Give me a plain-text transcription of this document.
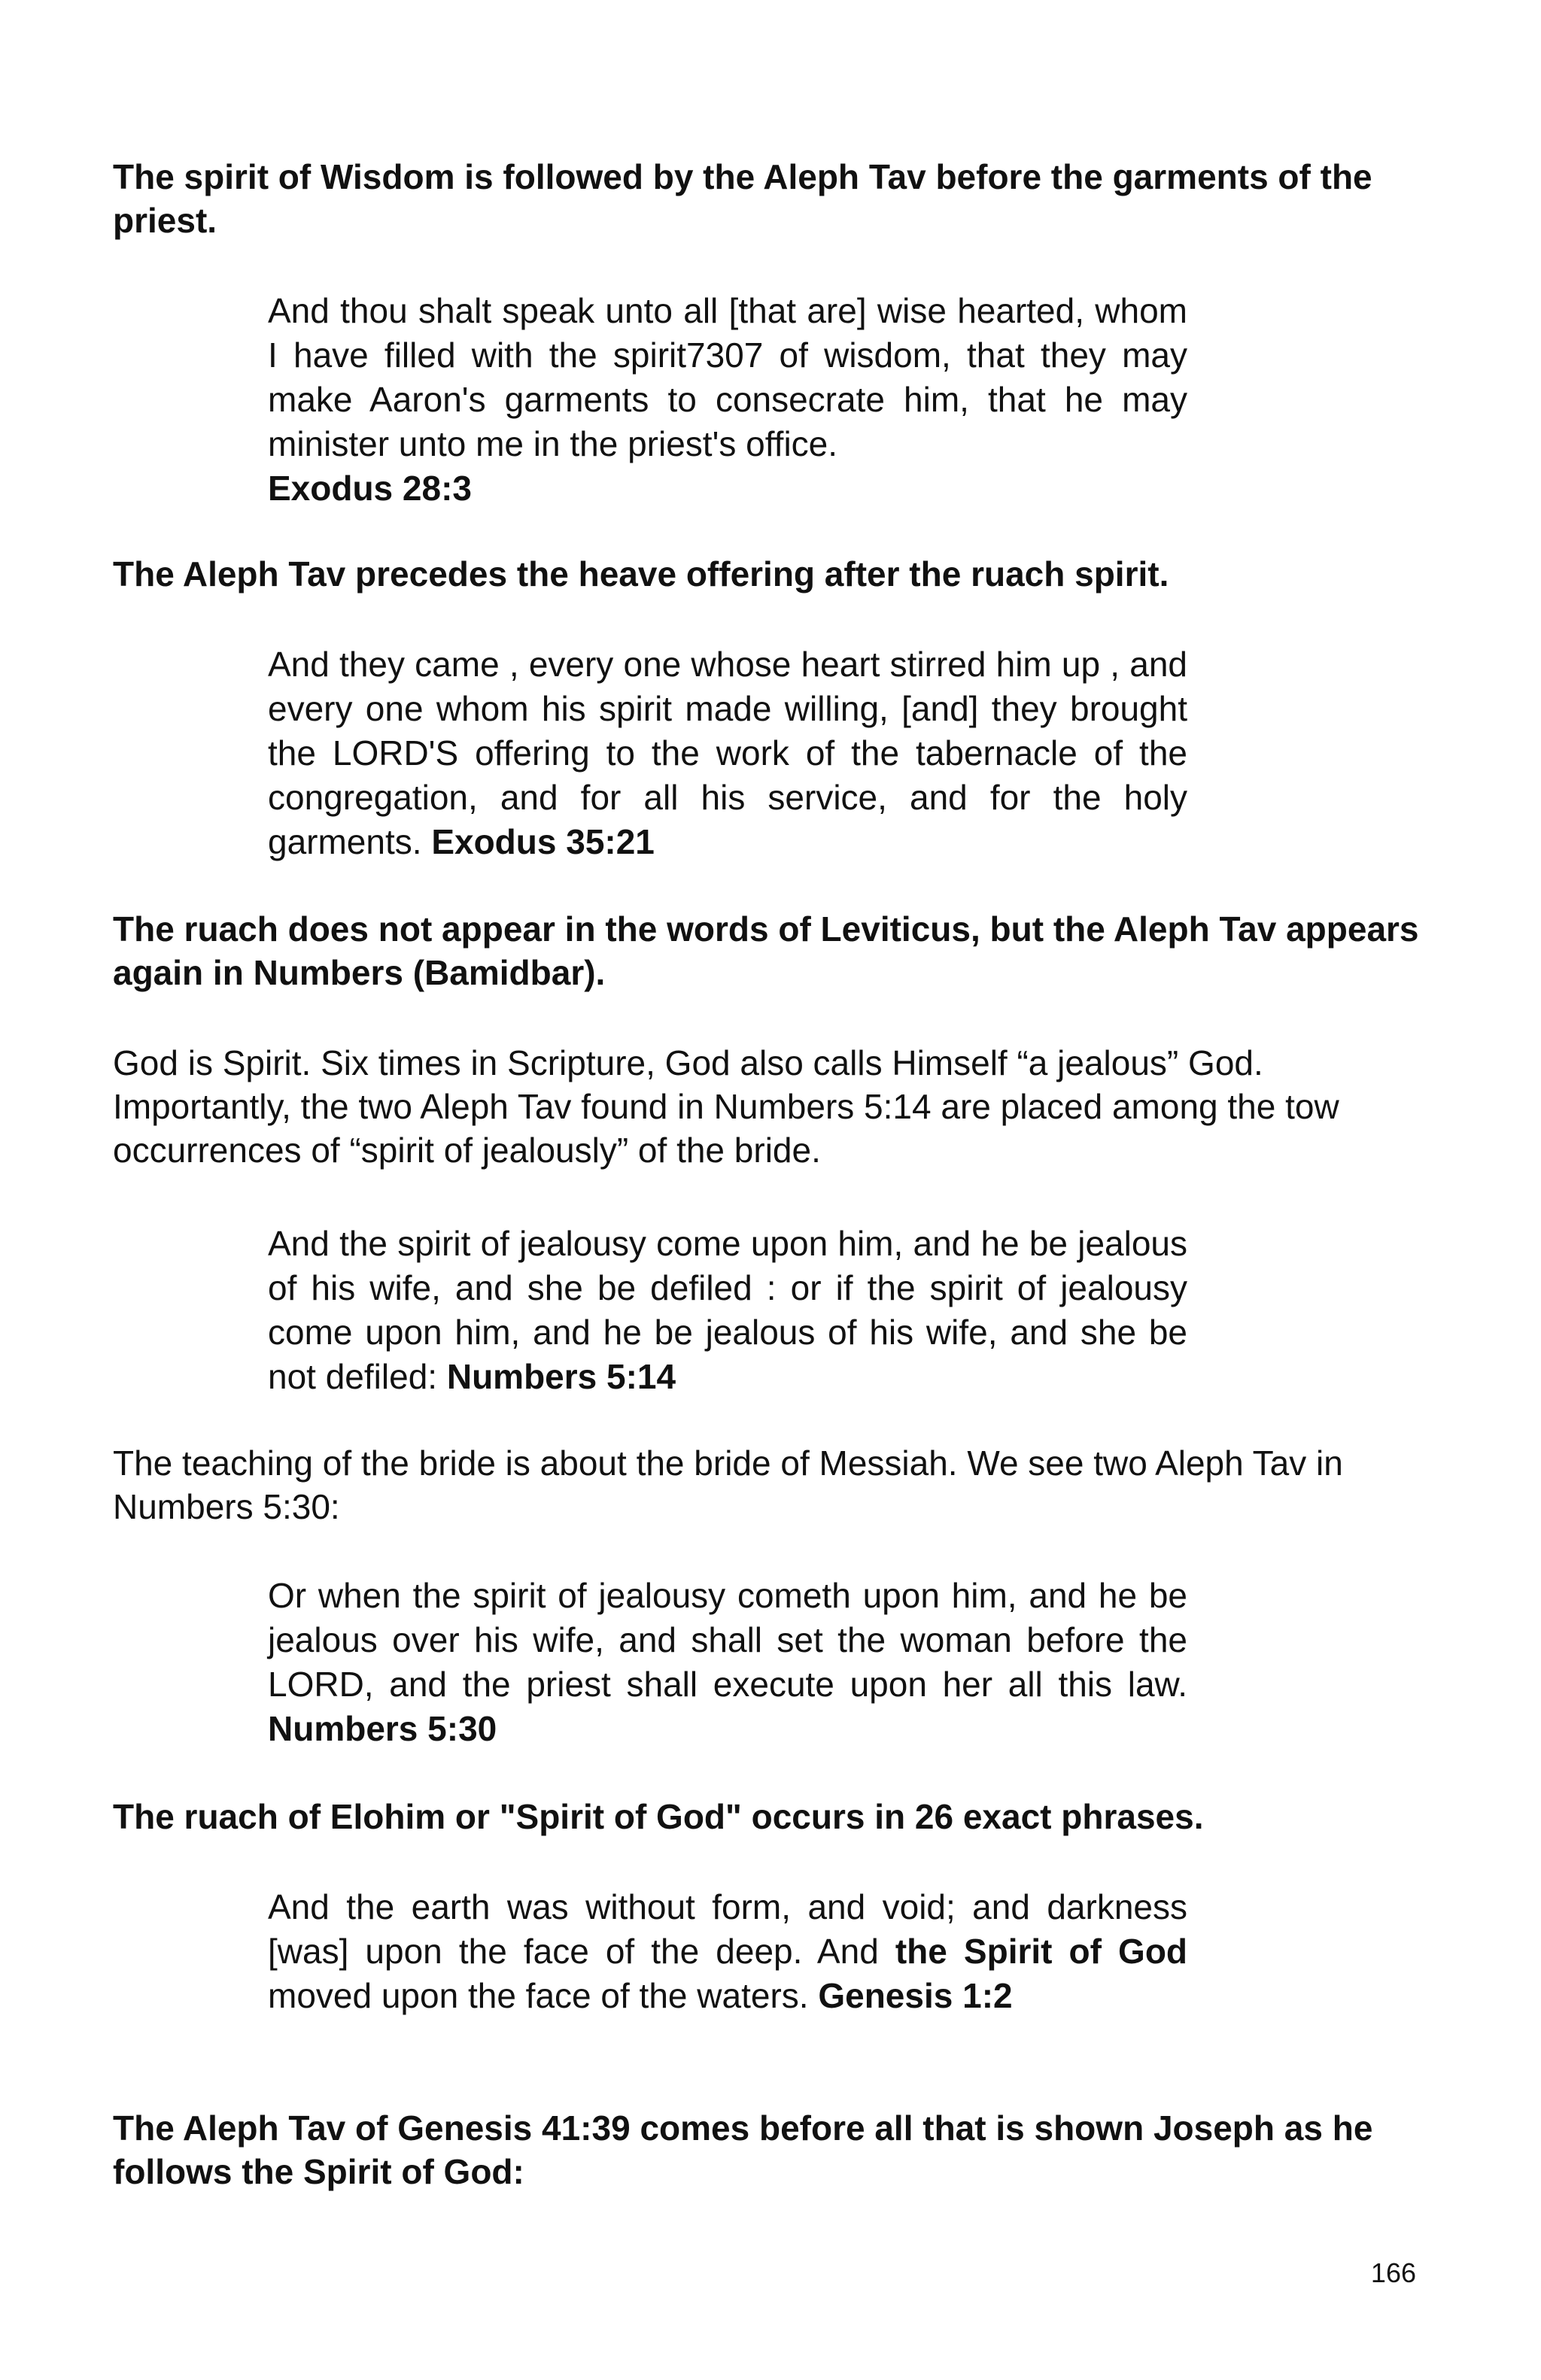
The spirit of Wisdom is followed by the Aleph Tav before the garments of the priest.

And thou shalt speak unto all [that are] wise hearted, whom I have filled with the spirit7307 of wisdom, that they may make Aaron's garments to consecrate him, that he may minister unto me in the priest's office.
Exodus 28:3

The Aleph Tav precedes the heave offering after the ruach spirit.

And they came , every one whose heart stirred him up , and every one whom his spirit made willing, [and] they brought the LORD'S offering to the work of the tabernacle of the congregation, and for all his service, and for the holy garments. Exodus 35:21

The ruach does not appear in the words of Leviticus, but the Aleph Tav appears again in Numbers (Bamidbar).

God is Spirit. Six times in Scripture, God also calls Himself “a jealous” God. Importantly, the two Aleph Tav found in Numbers 5:14 are placed among the tow occurrences of “spirit of jealously” of the bride.

And the spirit of jealousy come upon him, and he be jealous of his wife, and she be defiled : or if the spirit of jealousy come upon him, and he be jealous of his wife, and she be not defiled: Numbers 5:14

The teaching of the bride is about the bride of Messiah. We see two Aleph Tav in Numbers 5:30:

Or when the spirit of jealousy cometh upon him, and he be jealous over his wife, and shall set the woman before the LORD, and the priest shall execute upon her all this law. Numbers 5:30

The ruach of Elohim or "Spirit of God" occurs in 26 exact phrases.

And the earth was without form, and void; and darkness [was] upon the face of the deep. And the Spirit of God moved upon the face of the waters. Genesis 1:2

The Aleph Tav of Genesis 41:39 comes before all that is shown Joseph as he follows the Spirit of God:

166
